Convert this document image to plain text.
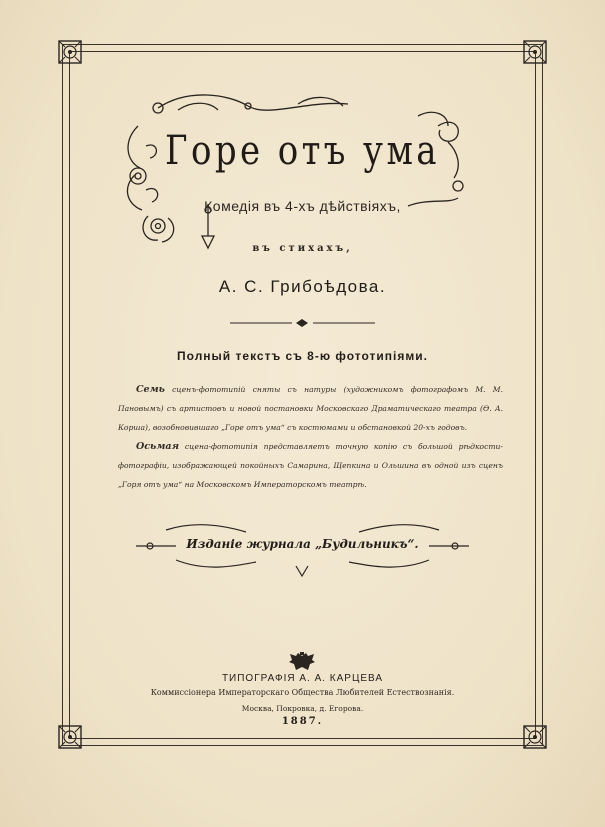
Горе отъ ума
Комедія въ 4-хъ дѣйствіяхъ,
въ стихахъ,
А. С. Грибоѣдова.
Полный текстъ съ 8-ю фототипіями.
Семь сценъ-фототипій сняты съ натуры (художникомъ фотографомъ М. М. Пановымъ) съ артистовъ и новой постановки Московскаго Драматическаго театра (Ѳ. А. Корша), возобновившаго „Горе отъ ума“ съ костюмами и обстановкой 20-хъ годовъ.
Осьмая сцена-фототипія представляетъ точную копію съ большой рѣдкости-фотографіи, изображающей покойныхъ Самарина, Щепкина и Ольшина въ одной изъ сценъ „Горя отъ ума“ на Московскомъ Императорскомъ театрѣ.
Изданіе журнала „Будильникъ“.
ТИПОГРАФІЯ А. А. КАРЦЕВА
Коммиссіонера Императорскаго Общества Любителей Естествознанія.
Москва, Покровка, д. Егорова.
1887.
